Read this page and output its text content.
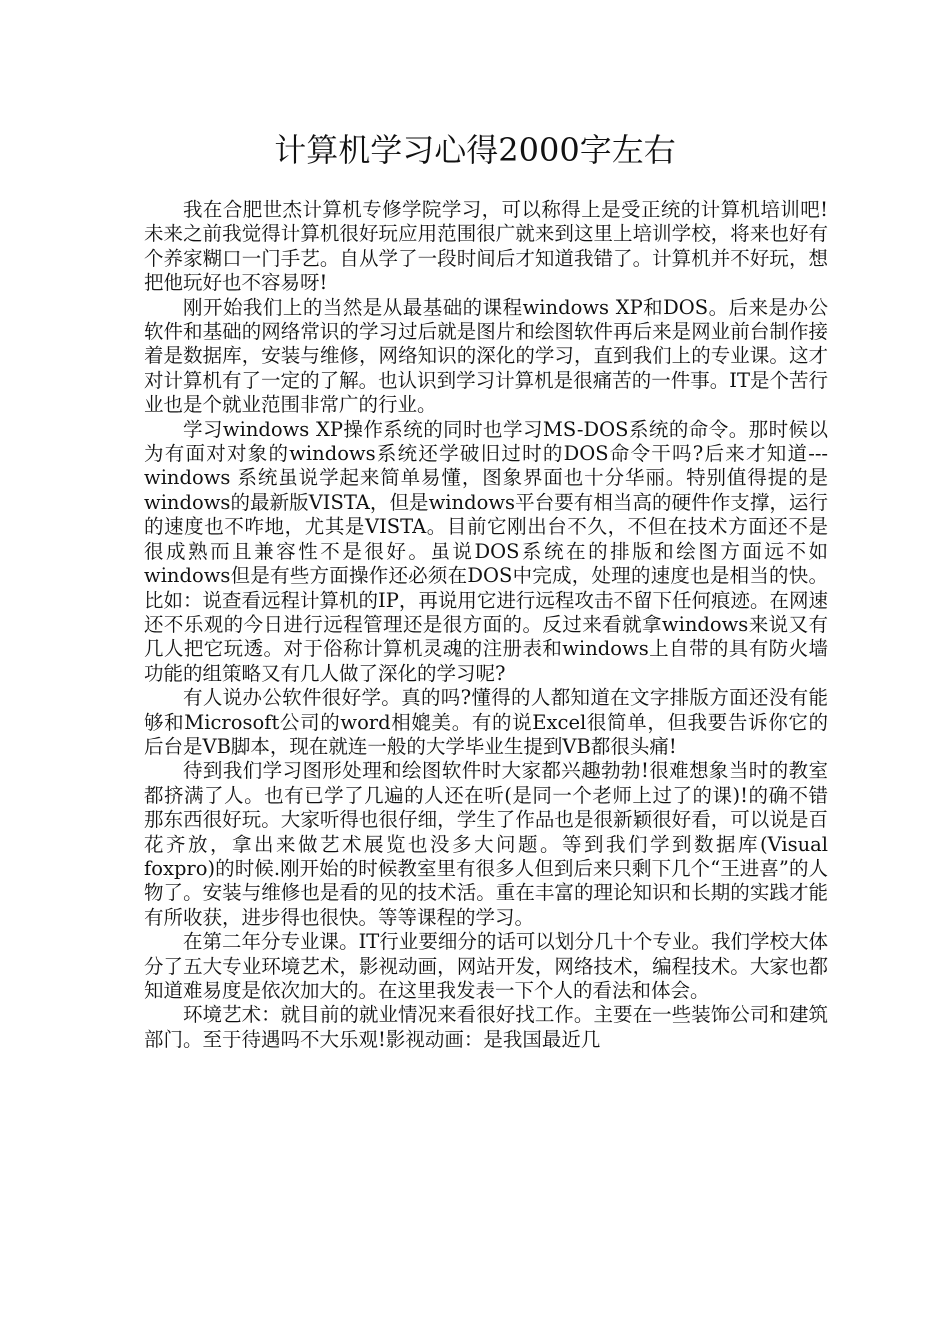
计算机学习心得2000字左右

我在合肥世杰计算机专修学院学习，可以称得上是受正统的计算机培训吧!未来之前我觉得计算机很好玩应用范围很广就来到这里上培训学校，将来也好有个养家糊口一门手艺。自从学了一段时间后才知道我错了。计算机并不好玩，想把他玩好也不容易呀!

刚开始我们上的当然是从最基础的课程windows XP和DOS。后来是办公软件和基础的网络常识的学习过后就是图片和绘图软件再后来是网业前台制作接着是数据库，安装与维修，网络知识的深化的学习，直到我们上的专业课。这才对计算机有了一定的了解。也认识到学习计算机是很痛苦的一件事。IT是个苦行业也是个就业范围非常广的行业。

学习windows XP操作系统的同时也学习MS-DOS系统的命令。那时候以为有面对对象的windows系统还学破旧过时的DOS命令干吗?后来才知道---windows 系统虽说学起来简单易懂，图象界面也十分华丽。特别值得提的是windows的最新版VISTA，但是windows平台要有相当高的硬件作支撑，运行的速度也不咋地，尤其是VISTA。目前它刚出台不久，不但在技术方面还不是很成熟而且兼容性不是很好。虽说DOS系统在的排版和绘图方面远不如windows但是有些方面操作还必须在DOS中完成，处理的速度也是相当的快。比如：说查看远程计算机的IP，再说用它进行远程攻击不留下任何痕迹。在网速还不乐观的今日进行远程管理还是很方面的。反过来看就拿windows来说又有几人把它玩透。对于俗称计算机灵魂的注册表和windows上自带的具有防火墙功能的组策略又有几人做了深化的学习呢?

有人说办公软件很好学。真的吗?懂得的人都知道在文字排版方面还没有能够和Microsoft公司的word相媲美。有的说Excel很简单，但我要告诉你它的后台是VB脚本，现在就连一般的大学毕业生提到VB都很头痛!

待到我们学习图形处理和绘图软件时大家都兴趣勃勃!很难想象当时的教室都挤满了人。也有已学了几遍的人还在听(是同一个老师上过了的课)!的确不错那东西很好玩。大家听得也很仔细，学生了作品也是很新颖很好看，可以说是百花齐放，拿出来做艺术展览也没多大问题。等到我们学到数据库(Visual foxpro)的时候.刚开始的时候教室里有很多人但到后来只剩下几个“王进喜”的人物了。安装与维修也是看的见的技术活。重在丰富的理论知识和长期的实践才能有所收获，进步得也很快。等等课程的学习。

在第二年分专业课。IT行业要细分的话可以划分几十个专业。我们学校大体分了五大专业环境艺术，影视动画，网站开发，网络技术，编程技术。大家也都知道难易度是依次加大的。在这里我发表一下个人的看法和体会。

环境艺术：就目前的就业情况来看很好找工作。主要在一些装饰公司和建筑部门。至于待遇吗不大乐观!影视动画：是我国最近几
